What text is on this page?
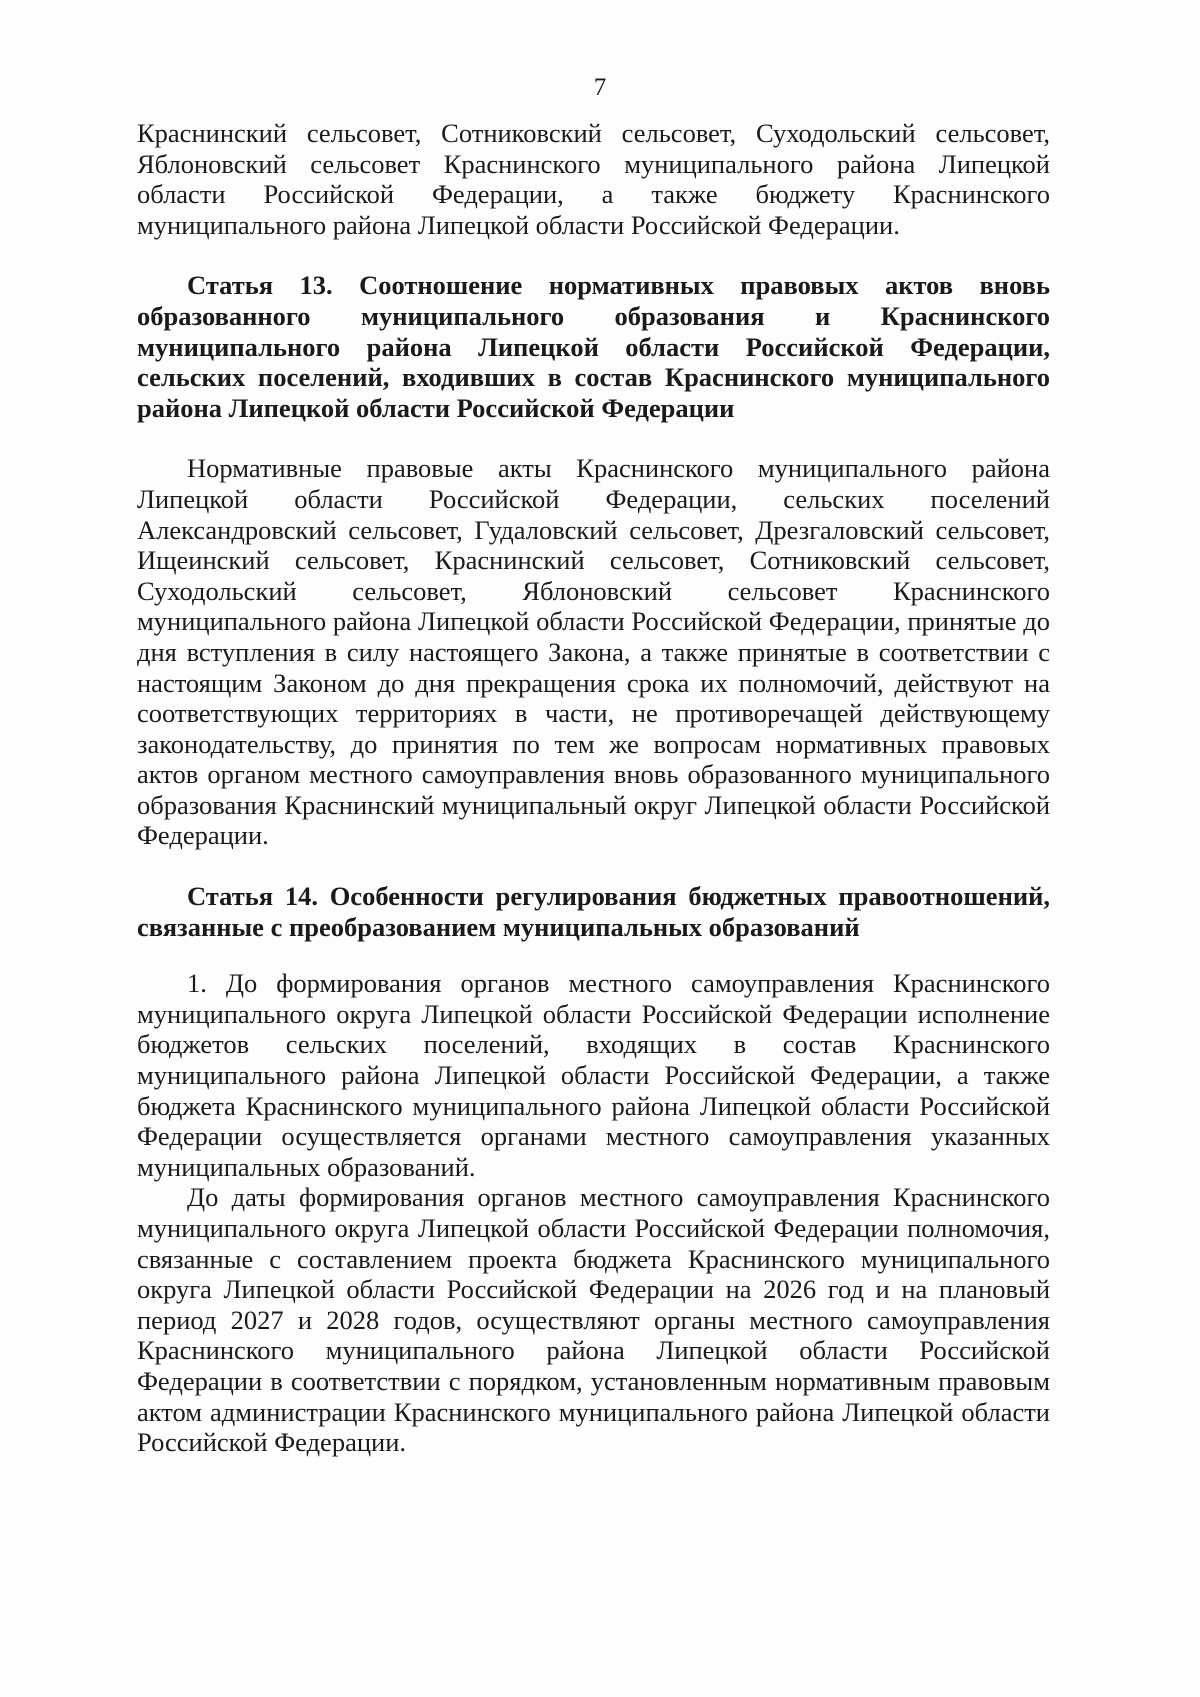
7

Краснинский сельсовет, Сотниковский сельсовет, Суходольский сельсовет, Яблоновский сельсовет Краснинского муниципального района Липецкой области Российской Федерации, а также бюджету Краснинского муниципального района Липецкой области Российской Федерации.

Статья 13. Соотношение нормативных правовых актов вновь образованного муниципального образования и Краснинского муниципального района Липецкой области Российской Федерации, сельских поселений, входивших в состав Краснинского муниципального района Липецкой области Российской Федерации

Нормативные правовые акты Краснинского муниципального района Липецкой области Российской Федерации, сельских поселений Александровский сельсовет, Гудаловский сельсовет, Дрезгаловский сельсовет, Ищеинский сельсовет, Краснинский сельсовет, Сотниковский сельсовет, Суходольский сельсовет, Яблоновский сельсовет Краснинского муниципального района Липецкой области Российской Федерации, принятые до дня вступления в силу настоящего Закона, а также принятые в соответствии с настоящим Законом до дня прекращения срока их полномочий, действуют на соответствующих территориях в части, не противоречащей действующему законодательству, до принятия по тем же вопросам нормативных правовых актов органом местного самоуправления вновь образованного муниципального образования Краснинский муниципальный округ Липецкой области Российской Федерации.

Статья 14. Особенности регулирования бюджетных правоотношений, связанные с преобразованием муниципальных образований

1. До формирования органов местного самоуправления Краснинского муниципального округа Липецкой области Российской Федерации исполнение бюджетов сельских поселений, входящих в состав Краснинского муниципального района Липецкой области Российской Федерации, а также бюджета Краснинского муниципального района Липецкой области Российской Федерации осуществляется органами местного самоуправления указанных муниципальных образований.

До даты формирования органов местного самоуправления Краснинского муниципального округа Липецкой области Российской Федерации полномочия, связанные с составлением проекта бюджета Краснинского муниципального округа Липецкой области Российской Федерации на 2026 год и на плановый период 2027 и 2028 годов, осуществляют органы местного самоуправления Краснинского муниципального района Липецкой области Российской Федерации в соответствии с порядком, установленным нормативным правовым актом администрации Краснинского муниципального района Липецкой области Российской Федерации.
